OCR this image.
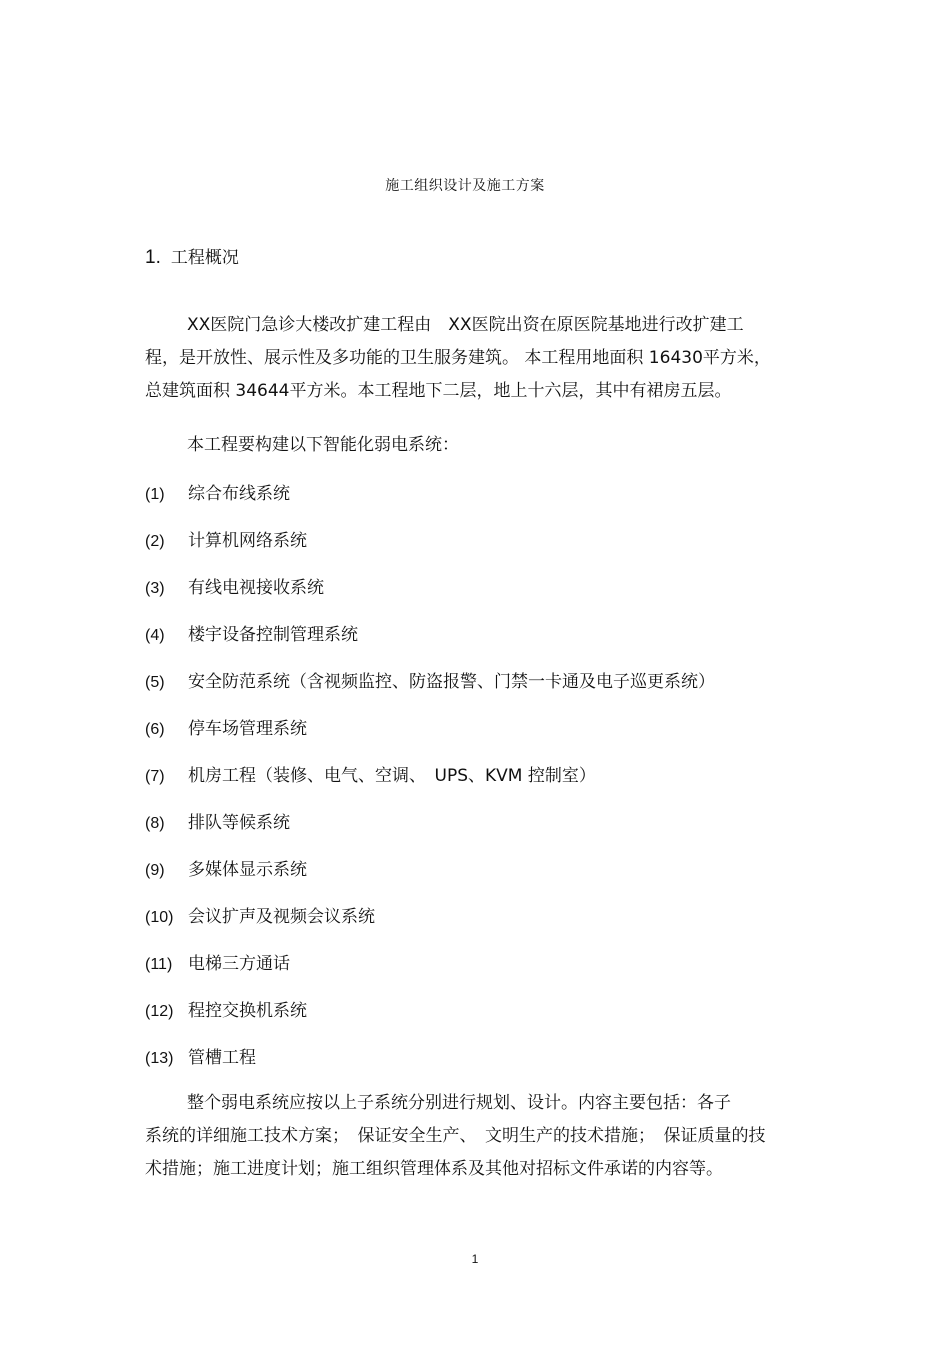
施工组织设计及施工方案
1. 工程概况

XX医院门急诊大楼改扩建工程由　XX医院出资在原医院基地进行改扩建工
程，是开放性、展示性及多功能的卫生服务建筑。 本工程用地面积 16430平方米，
总建筑面积 34644平方米。本工程地下二层，地上十六层，其中有裙房五层。

本工程要构建以下智能化弱电系统：

(1) 综合布线系统
(2) 计算机网络系统
(3) 有线电视接收系统
(4) 楼宇设备控制管理系统
(5) 安全防范系统（含视频监控、防盗报警、门禁一卡通及电子巡更系统）
(6) 停车场管理系统
(7) 机房工程（装修、电气、空调、　UPS、KVM 控制室）
(8) 排队等候系统
(9) 多媒体显示系统
(10) 会议扩声及视频会议系统
(11) 电梯三方通话
(12) 程控交换机系统
(13) 管槽工程

整个弱电系统应按以上子系统分别进行规划、设计。内容主要包括：各子
系统的详细施工技术方案；　保证安全生产、　文明生产的技术措施；　保证质量的技
术措施；施工进度计划；施工组织管理体系及其他对招标文件承诺的内容等。

1
